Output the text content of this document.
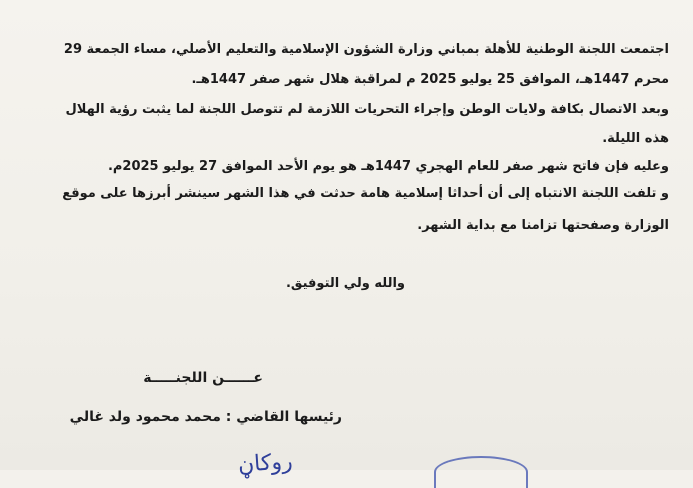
اجتمعت اللجنة الوطنية للأهلة بمباني وزارة الشؤون الإسلامية والتعليم الأصلي، مساء الجمعة 29
محرم 1447هـ، الموافق 25 يوليو 2025 م لمراقبة هلال شهر صفر 1447هـ.
وبعد الاتصال بكافة ولايات الوطن وإجراء التحريات اللازمة لم تتوصل اللجنة لما يثبت رؤية الهلال
هذه الليلة.
وعليه فإن فاتح شهر صفر للعام الهجري 1447هـ هو يوم الأحد الموافق 27 يوليو 2025م.
و تلفت اللجنة الانتباه إلى أن أحداثا إسلامية هامة حدثت في هذا الشهر سينشر أبرزها على موقع
الوزارة وصفحتها تزامنا مع بداية الشهر.
والله ولي التوفيق.
عــــــن اللجنـــــة
رئيسها القاضي : محمد محمود ولد غالي
روكاڼ
